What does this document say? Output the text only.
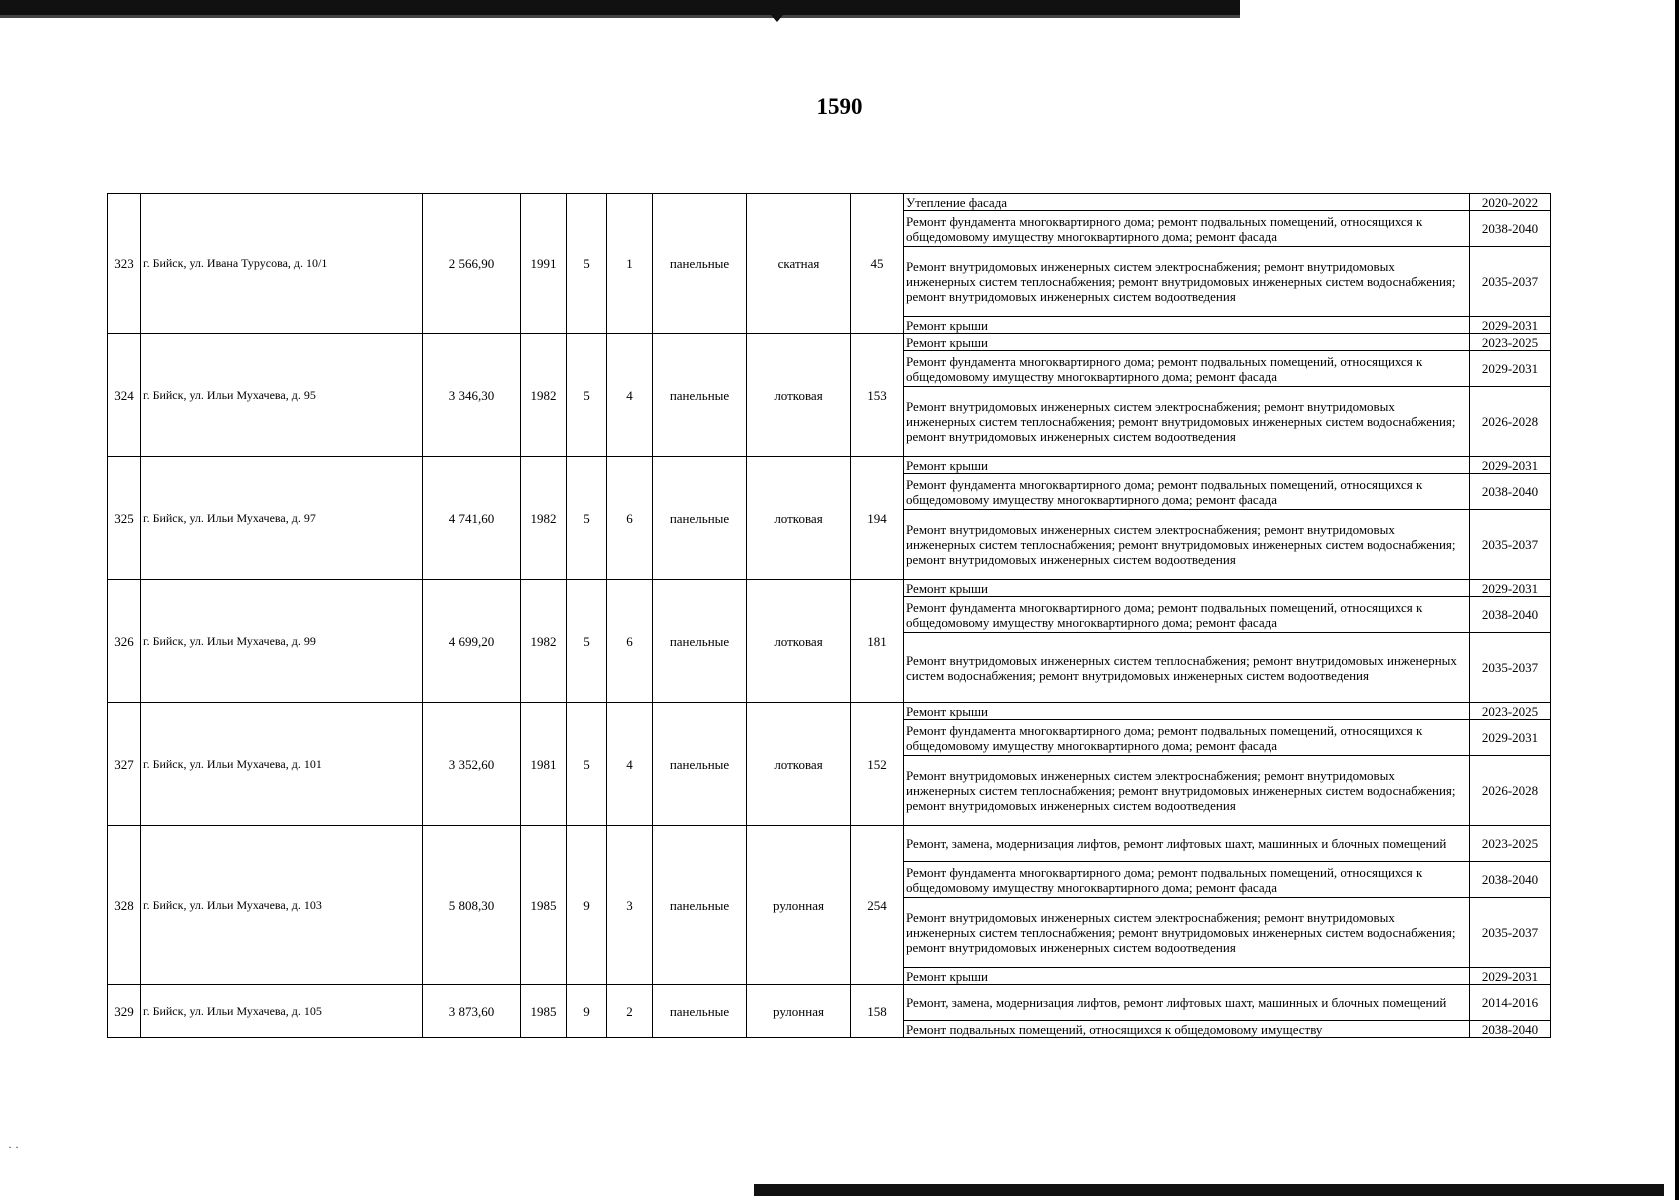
1590
323	г. Бийск, ул. Ивана Турусова, д. 10/1	2 566,90	1991	5	1	панельные	скатная	45	Утепление фасада	2020-2022
									Ремонт фундамента многоквартирного дома; ремонт подвальных помещений, относящихся к общедомовому имуществу многоквартирного дома; ремонт фасада	2038-2040
									Ремонт внутридомовых инженерных систем электроснабжения; ремонт внутридомовых инженерных систем теплоснабжения; ремонт внутридомовых инженерных систем водоснабжения; ремонт внутридомовых инженерных систем водоотведения	2035-2037
									Ремонт крыши	2029-2031
324	г. Бийск, ул. Ильи Мухачева, д. 95	3 346,30	1982	5	4	панельные	лотковая	153	Ремонт крыши	2023-2025
									Ремонт фундамента многоквартирного дома; ремонт подвальных помещений, относящихся к общедомовому имуществу многоквартирного дома; ремонт фасада	2029-2031
									Ремонт внутридомовых инженерных систем электроснабжения; ремонт внутридомовых инженерных систем теплоснабжения; ремонт внутридомовых инженерных систем водоснабжения; ремонт внутридомовых инженерных систем водоотведения	2026-2028
325	г. Бийск, ул. Ильи Мухачева, д. 97	4 741,60	1982	5	6	панельные	лотковая	194	Ремонт крыши	2029-2031
									Ремонт фундамента многоквартирного дома; ремонт подвальных помещений, относящихся к общедомовому имуществу многоквартирного дома; ремонт фасада	2038-2040
									Ремонт внутридомовых инженерных систем электроснабжения; ремонт внутридомовых инженерных систем теплоснабжения; ремонт внутридомовых инженерных систем водоснабжения; ремонт внутридомовых инженерных систем водоотведения	2035-2037
326	г. Бийск, ул. Ильи Мухачева, д. 99	4 699,20	1982	5	6	панельные	лотковая	181	Ремонт крыши	2029-2031
									Ремонт фундамента многоквартирного дома; ремонт подвальных помещений, относящихся к общедомовому имуществу многоквартирного дома; ремонт фасада	2038-2040
									Ремонт внутридомовых инженерных систем теплоснабжения; ремонт внутридомовых инженерных систем водоснабжения; ремонт внутридомовых инженерных систем водоотведения	2035-2037
327	г. Бийск, ул. Ильи Мухачева, д. 101	3 352,60	1981	5	4	панельные	лотковая	152	Ремонт крыши	2023-2025
									Ремонт фундамента многоквартирного дома; ремонт подвальных помещений, относящихся к общедомовому имуществу многоквартирного дома; ремонт фасада	2029-2031
									Ремонт внутридомовых инженерных систем электроснабжения; ремонт внутридомовых инженерных систем теплоснабжения; ремонт внутридомовых инженерных систем водоснабжения; ремонт внутридомовых инженерных систем водоотведения	2026-2028
328	г. Бийск, ул. Ильи Мухачева, д. 103	5 808,30	1985	9	3	панельные	рулонная	254	Ремонт, замена, модернизация лифтов, ремонт лифтовых шахт, машинных и блочных помещений	2023-2025
									Ремонт фундамента многоквартирного дома; ремонт подвальных помещений, относящихся к общедомовому имуществу многоквартирного дома; ремонт фасада	2038-2040
									Ремонт внутридомовых инженерных систем электроснабжения; ремонт внутридомовых инженерных систем теплоснабжения; ремонт внутридомовых инженерных систем водоснабжения; ремонт внутридомовых инженерных систем водоотведения	2035-2037
									Ремонт крыши	2029-2031
329	г. Бийск, ул. Ильи Мухачева, д. 105	3 873,60	1985	9	2	панельные	рулонная	158	Ремонт, замена, модернизация лифтов, ремонт лифтовых шахт, машинных и блочных помещений	2014-2016
									Ремонт подвальных помещений, относящихся к общедомовому имуществу	2038-2040
· ·
